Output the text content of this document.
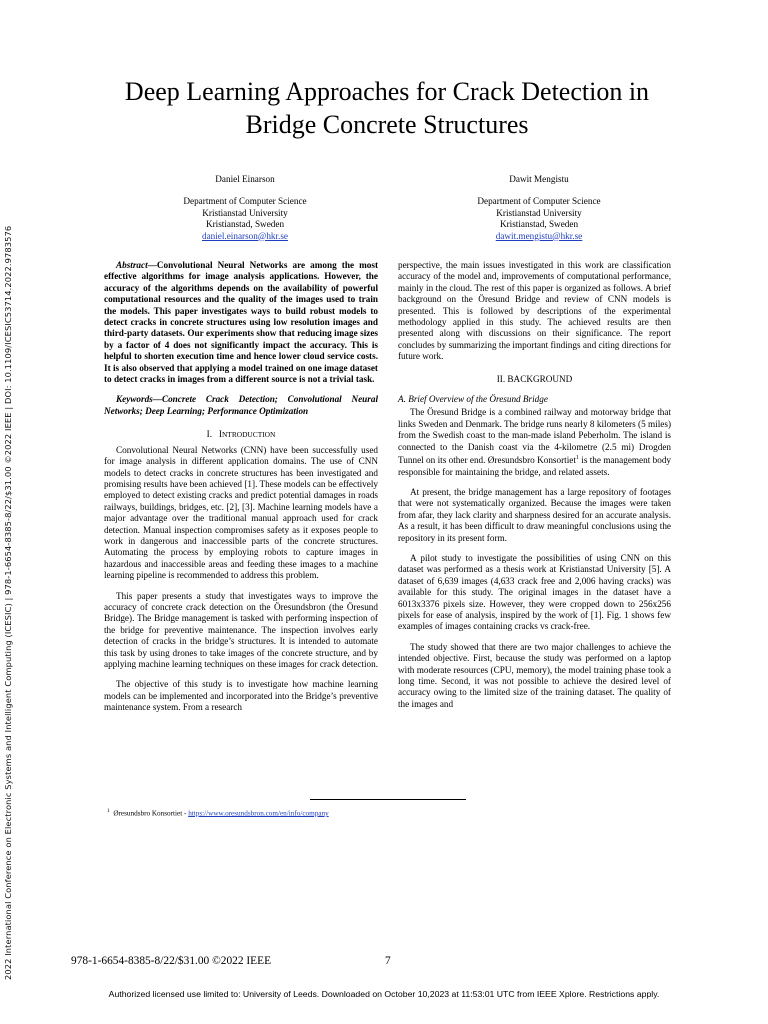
2022 International Conference on Electronic Systems and Intelligent Computing (ICESIC) | 978-1-6654-8385-8/22/$31.00 ©2022 IEEE | DOI: 10.1109/ICESIC53714.2022.9783576
Deep Learning Approaches for Crack Detection in
Bridge Concrete Structures
Daniel Einarson
Department of Computer Science
Kristianstad University
Kristianstad, Sweden
daniel.einarson@hkr.se
Dawit Mengistu
Department of Computer Science
Kristianstad University
Kristianstad, Sweden
dawit.mengistu@hkr.se

Abstract—Convolutional Neural Networks are among the most effective algorithms for image analysis applications. However, the accuracy of the algorithms depends on the availability of powerful computational resources and the quality of the images used to train the models. This paper investigates ways to build robust models to detect cracks in concrete structures using low resolution images and third-party datasets. Our experiments show that reducing image sizes by a factor of 4 does not significantly impact the accuracy. This is helpful to shorten execution time and hence lower cloud service costs. It is also observed that applying a model trained on one image dataset to detect cracks in images from a different source is not a trivial task.

Keywords—Concrete Crack Detection; Convolutional Neural Networks; Deep Learning; Performance Optimization

I. INTRODUCTION

Convolutional Neural Networks (CNN) have been successfully used for image analysis in different application domains. The use of CNN models to detect cracks in concrete structures has been investigated and promising results have been achieved [1]. These models can be effectively employed to detect existing cracks and predict potential damages in roads railways, buildings, bridges, etc. [2], [3]. Machine learning models have a major advantage over the traditional manual approach used for crack detection. Manual inspection compromises safety as it exposes people to work in dangerous and inaccessible parts of the concrete structures. Automating the process by employing robots to capture images in hazardous and inaccessible areas and feeding these images to a machine learning pipeline is recommended to address this problem.

This paper presents a study that investigates ways to improve the accuracy of concrete crack detection on the Öresundsbron (the Öresund Bridge). The Bridge management is tasked with performing inspection of the bridge for preventive maintenance. The inspection involves early detection of cracks in the bridge’s structures. It is intended to automate this task by using drones to take images of the concrete structure, and by applying machine learning techniques on these images for crack detection.

The objective of this study is to investigate how machine learning models can be implemented and incorporated into the Bridge’s preventive maintenance system. From a research

perspective, the main issues investigated in this work are classification accuracy of the model and, improvements of computational performance, mainly in the cloud. The rest of this paper is organized as follows. A brief background on the Öresund Bridge and review of CNN models is presented. This is followed by descriptions of the experimental methodology applied in this study. The achieved results are then presented along with discussions on their significance. The report concludes by summarizing the important findings and citing directions for future work.

II. BACKGROUND
A. Brief Overview of the Öresund Bridge

The Öresund Bridge is a combined railway and motorway bridge that links Sweden and Denmark. The bridge runs nearly 8 kilometers (5 miles) from the Swedish coast to the man-made island Peberholm. The island is connected to the Danish coast via the 4-kilometre (2.5 mi) Drogden Tunnel on its other end. Øresundsbro Konsortiet$^1$ is the management body responsible for maintaining the bridge, and related assets.

At present, the bridge management has a large repository of footages that were not systematically organized. Because the images were taken from afar, they lack clarity and sharpness desired for an accurate analysis. As a result, it has been difficult to draw meaningful conclusions using the repository in its present form.

A pilot study to investigate the possibilities of using CNN on this dataset was performed as a thesis work at Kristianstad University [5]. A dataset of 6,639 images (4,633 crack free and 2,006 having cracks) was available for this study. The original images in the dataset have a 6013x3376 pixels size. However, they were cropped down to 256x256 pixels for ease of analysis, inspired by the work of [1]. Fig. 1 shows few examples of images containing cracks vs crack-free.

The study showed that there are two major challenges to achieve the intended objective. First, because the study was performed on a laptop with moderate resources (CPU, memory), the model training phase took a long time. Second, it was not possible to achieve the desired level of accuracy owing to the limited size of the training dataset. The quality of the images and

$^1$ Øresundsbro Konsortiet - https://www.oresundsbron.com/en/info/company
978-1-6654-8385-8/22/$31.00 ©2022 IEEE	7
Authorized licensed use limited to: University of Leeds. Downloaded on October 10,2023 at 11:53:01 UTC from IEEE Xplore. Restrictions apply.
